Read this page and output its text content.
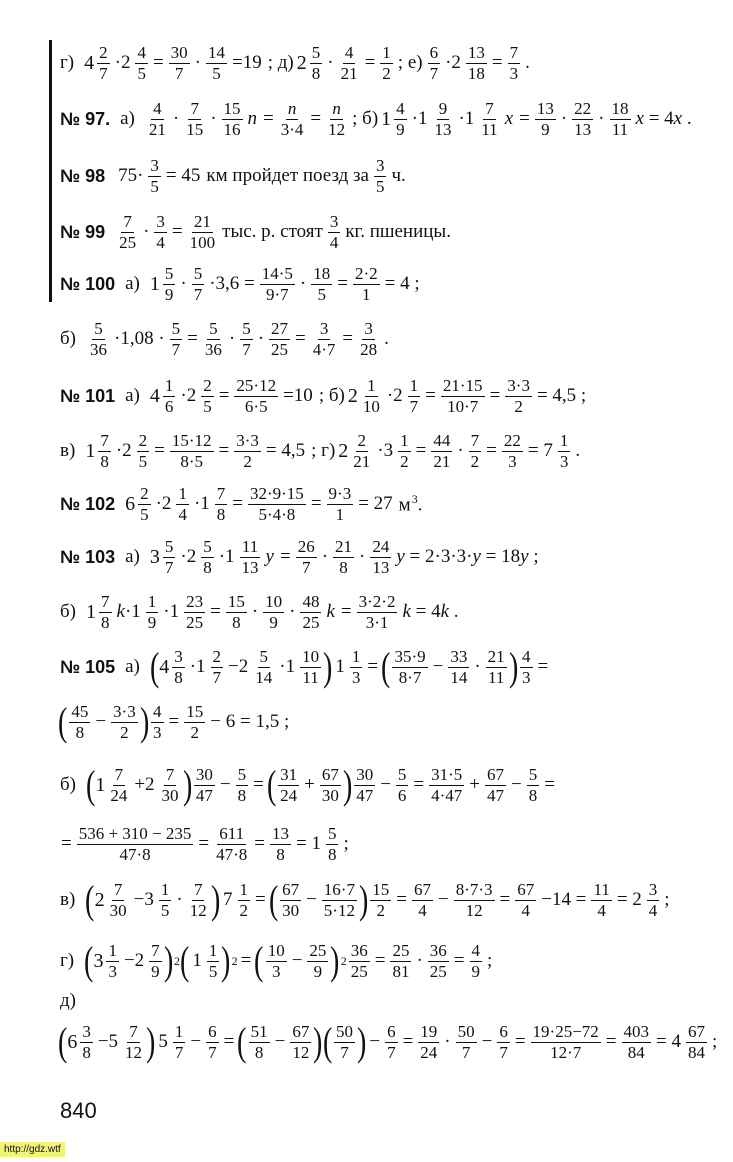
г) $4 \frac{2}{7} \cdot 2 \frac{4}{5} = \frac{30}{7} \cdot \frac{14}{5} =19$ ; д) $2 \frac{5}{8} \cdot \frac{4}{21} = \frac{1}{2}$ ; $е) \frac{6}{7} \cdot 2 \frac{13}{18} = \frac{7}{3}$ .
№ 97. $а) \frac{4}{21} \cdot \frac{7}{15} \cdot \frac{15}{16}$ $n = \frac{n}{3\cdot 4} = \frac{n}{12}$ ; б) $1 \frac{4}{9} \cdot 1 \frac{9}{13} \cdot 1 \frac{7}{11}$ $x = \frac{13}{9} \cdot \frac{22}{13} \cdot \frac{18}{11}$ x = 4x .
№ 98 $75\cdot \frac{3}{5} = 45$ км пройдет поезд за $\frac{3}{5} ч$.
№ $99 \frac{7}{25} \cdot \frac{3}{4} = \frac{21}{100}$ тыс. р. стоят $\frac{3}{4}$ кг. пшеницы.
№ 100 а) $1 \frac{5}{9} \cdot \frac{5}{7} \cdot 3,6 = \frac{14\cdot 5}{9\cdot 7} \cdot \frac{18}{5} = \frac{2\cdot 2}{1} = 4$ ;
$б) \frac{5}{36} \cdot 1,08 \cdot \frac{5}{7} = \frac{5}{36} \cdot \frac{5}{7} \cdot \frac{27}{25} = \frac{3}{4\cdot 7} = \frac{3}{28}$ .
№ 101 а) $4 \frac{1}{6} \cdot 2 \frac{2}{5} = \frac{25\cdot 12}{6\cdot 5} =10$ ; б) $2 \frac{1}{10} \cdot 2 \frac{1}{7} = \frac{21\cdot 15}{10\cdot 7} = \frac{3\cdot 3}{2} = 4,5$ ;
в) $1 \frac{7}{8} \cdot 2 \frac{2}{5} = \frac{15\cdot 12}{8\cdot 5} = \frac{3\cdot 3}{2} = 4,5$ ; г) $2 \frac{2}{21} \cdot 3 \frac{1}{2} = \frac{44}{21} \cdot \frac{7}{2} = \frac{22}{3} = 7 \frac{1}{3}$ .
№ 102 $6 \frac{2}{5} \cdot 2 \frac{1}{4} \cdot 1 \frac{7}{8} = \frac{32\cdot 9\cdot 15}{5\cdot 4\cdot 8} = \frac{9\cdot 3}{1} = 27$ $м^3$.
№ 103 а) $3 \frac{5}{7} \cdot 2 \frac{5}{8} \cdot 1 \frac{11}{13}$ $y = \frac{26}{7} \cdot \frac{21}{8} \cdot \frac{24}{13}$ y = 2·3·3·y = 18y ;
б) $1 \frac{7}{8} k\cdot 1 \frac{1}{9} \cdot 1 \frac{23}{25} = \frac{15}{8} \cdot \frac{10}{9} \cdot \frac{48}{25}$ $k = \frac{3\cdot 2\cdot 2}{3\cdot 1}$ k = 4k .
№ 105 а) ( $4 \frac{3}{8} \cdot 1 \frac{2}{7} -2 \frac{5}{14} \cdot 1 \frac{10}{11}$ ) $1 \frac{1}{3}$ = ( $\frac{35\cdot 9}{8\cdot 7} - \frac{33}{14} \cdot \frac{21}{11}$ ) $\frac{4}{3}$ =
( $\frac{45}{8} - \frac{3\cdot 3}{2}$ ) $\frac{4}{3} = \frac{15}{2} - 6 = 1,5$ ;
б) ( $1 \frac{7}{24} +2 \frac{7}{30}$ ) $\frac{30}{47} - \frac{5}{8}$ = ( $\frac{31}{24} + \frac{67}{30}$ ) $\frac{30}{47} - \frac{5}{6} = \frac{31\cdot 5}{4\cdot 47} + \frac{67}{47} - \frac{5}{8}$ =
= $\frac{536 + 310 - 235}{47\cdot 8} = \frac{611}{47\cdot 8} = \frac{13}{8} = 1 \frac{5}{8}$ ;
в) ( $2 \frac{7}{30} -3 \frac{1}{5} \cdot \frac{7}{12}$ ) $7 \frac{1}{2}$ = ( $\frac{67}{30} - \frac{16\cdot 7}{5\cdot 12}$ ) $\frac{15}{2} = \frac{67}{4} - \frac{8\cdot 7\cdot 3}{12} = \frac{67}{4} -14 = \frac{11}{4} = 2 \frac{3}{4}$ ;
г) ( $3 \frac{1}{3} -2 \frac{7}{9}$ ) 2 ( $1 \frac{1}{5}$ ) 2 = ( $\frac{10}{3} - \frac{25}{9}$ ) $2 \frac{36}{25} = \frac{25}{81} \cdot \frac{36}{25} = \frac{4}{9}$ ;
д)
( $6 \frac{3}{8} -5 \frac{7}{12}$ ) $5 \frac{1}{7} - \frac{6}{7}$ = ( $\frac{51}{8} - \frac{67}{12}$ ) ( $\frac{50}{7}$ ) − $\frac{6}{7} = \frac{19}{24} \cdot \frac{50}{7} - \frac{6}{7} = \frac{19\cdot 25-72}{12\cdot 7} = \frac{403}{84} = 4 \frac{67}{84}$ ;
840
http://gdz.wtf
